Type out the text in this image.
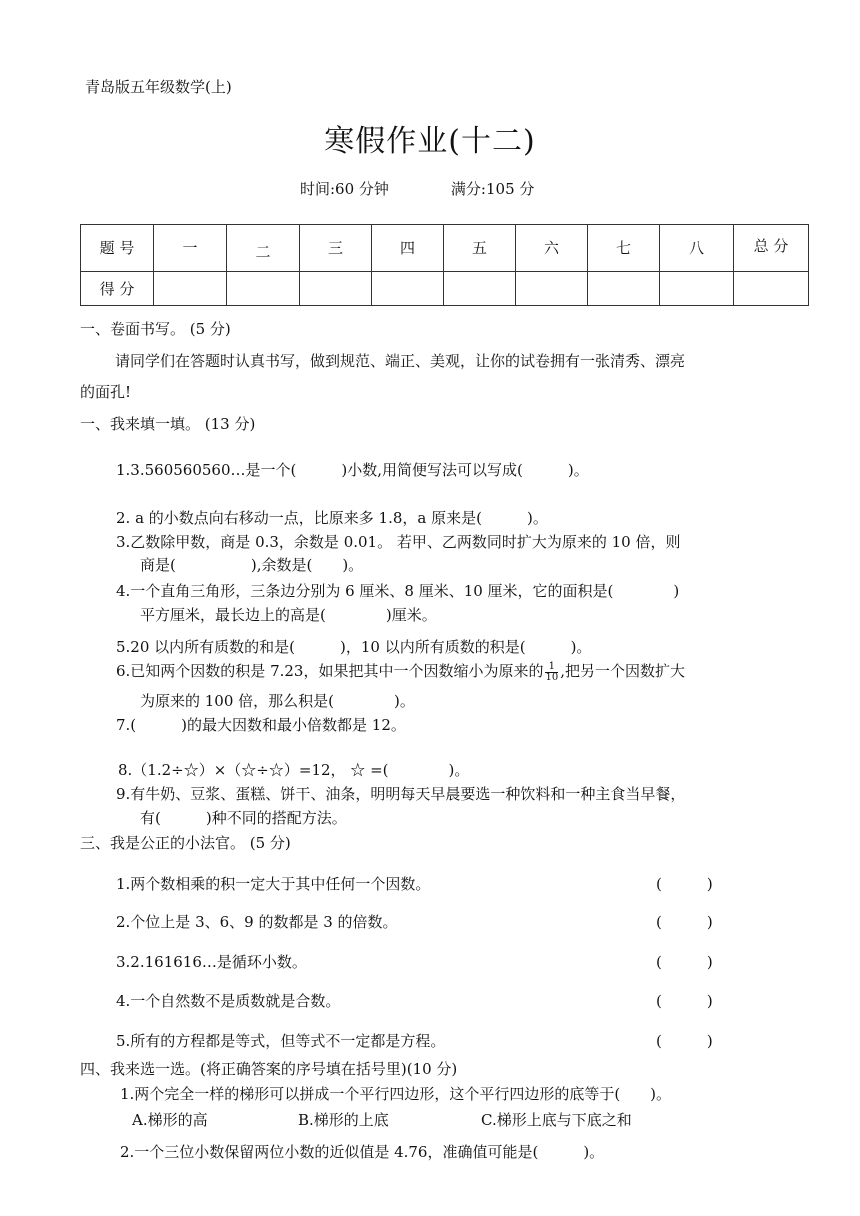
青岛版五年级数学(上)
寒假作业(十二)
时间:60 分钟	满分:105 分
题 号	一	二	三	四	五	六	七	八	总 分
得 分									
一、卷面书写。 (5 分)
请同学们在答题时认真书写，做到规范、端正、美观，让你的试卷拥有一张清秀、漂亮
的面孔!
一、我来填一填。 (13 分)
1.3.560560560…是一个(　　　)小数,用简便写法可以写成(　　　)。
2. a 的小数点向右移动一点，比原来多 1.8，a 原来是(　　　)。
3.乙数除甲数，商是 0.3，余数是 0.01。 若甲、乙两数同时扩大为原来的 10 倍，则
商是(　　　　　),余数是(　　)。
4.一个直角三角形，三条边分别为 6 厘米、8 厘米、10 厘米，它的面积是(　　　　)
平方厘米，最长边上的高是(　　　　)厘米。
5.20 以内所有质数的和是(　　　)，10 以内所有质数的积是(　　　)。
6.已知两个因数的积是 7.23，如果把其中一个因数缩小为原来的 $\frac{1}{10}$ ,把另一个因数扩大
为原来的 100 倍，那么积是(　　　　)。
7.(　　　)的最大因数和最小倍数都是 12。
8.（1.2÷☆）×（☆÷☆）=12， ☆ =(　　　　)。
9.有牛奶、豆浆、蛋糕、饼干、油条，明明每天早晨要选一种饮料和一种主食当早餐，
有(　　　)种不同的搭配方法。
三、我是公正的小法官。 (5 分)
1.两个数相乘的积一定大于其中任何一个因数。	(　　　)
2.个位上是 3、6、9 的数都是 3 的倍数。	(　　　)
3.2.161616…是循环小数。	(　　　)
4.一个自然数不是质数就是合数。	(　　　)
5.所有的方程都是等式，但等式不一定都是方程。	(　　　)
四、我来选一选。(将正确答案的序号填在括号里)(10 分)
1.两个完全一样的梯形可以拼成一个平行四边形，这个平行四边形的底等于(　　)。
A.梯形的高	B.梯形的上底	C.梯形上底与下底之和
2.一个三位小数保留两位小数的近似值是 4.76，准确值可能是(　　　)。
